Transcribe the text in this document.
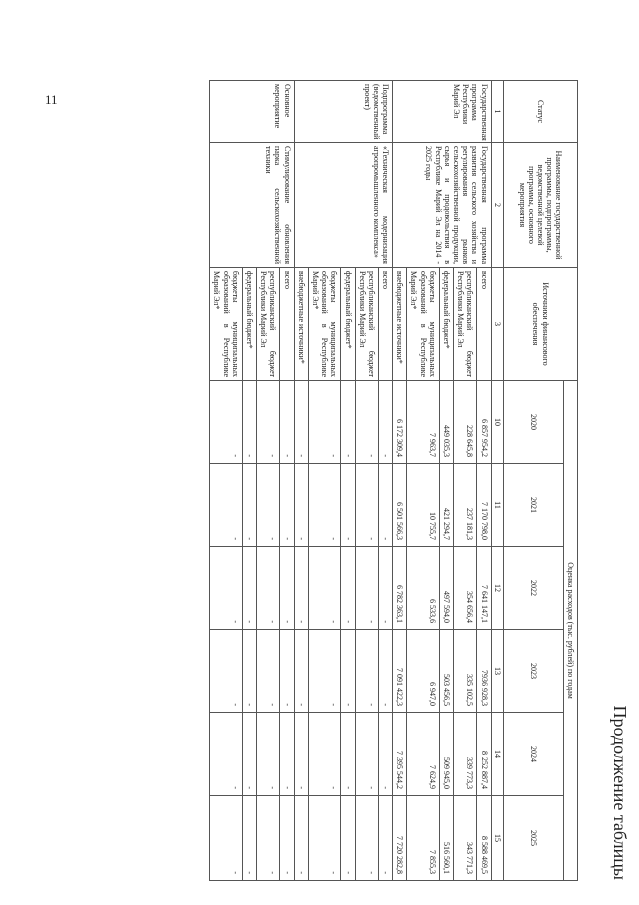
11
Продолжение таблицы
Статус	Наименование государственной программы, подпрограммы, ведомственной целевой программы, основного мероприятия	Источники финансового обеспечения	Оценка расходов (тыс. рублей) по годам					
			2020	2021	2022	2023	2024	2025
1	2	3	10	11	12	13	14	15
Государственная программа Республики Марий Эл	Государственная программа развития сельского хозяйства и регулирования рынков сельскохозяйственной продукции, сырья и продовольствия в Республике Марий Эл на 2014 - 2025 годы	всего	6 857 954,2	7 170 798,0	7 641 147,1	7936 928,3	8 252 887,4	8 588 469,5
		республиканский бюджет Республики Марий Эл	228 645,8	237 181,3	354 656,4	335 102,5	339 773,3	343 771,3
		федеральный бюджет*	449 035,3	421 294,7	497 594,0	503 456,5	509 945,0	516 560,1
		бюджеты муниципальных образований в Республике Марий Эл*	7 963,7	10 755,7	6 533,6	6 947,0	7 624,9	7 855,3
		внебюджетные источники*	6 172 309,4	6 501 566,3	6 782 363,1	7 091 422,3	7 395 544,2	7 720 282,8
Подпрограмма (ведомственный проект)	«Техническая модернизация агропромышленного комплекса»	всего	-	-	-	-	-	-
		республиканский бюджет Республики Марий Эл	-	-	-	-	-	-
		федеральный бюджет*	-	-	-	-	-	-
		бюджеты муниципальных образований в Республике Марий Эл*	-	-	-	-	-	-
		внебюджетные источники*	-	-	-	-	-	-
Основное мероприятие	Стимулирование обновления парка сельскохозяйственной техники	всего	-	-	-	-	-	-
		республиканский бюджет Республики Марий Эл	-	-	-	-	-	-
		федеральный бюджет*	-	-	-	-	-	-
		бюджеты муниципальных образований в Республике Марий Эл*	-	-	-	-	-	-
